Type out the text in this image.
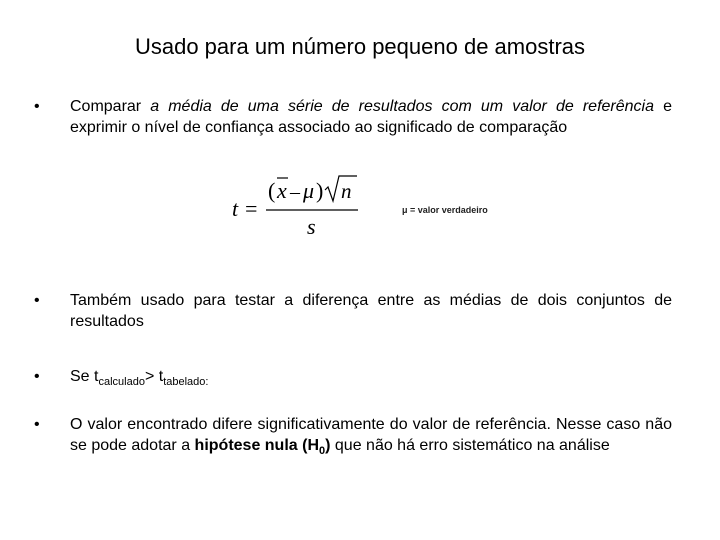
Usado para um número pequeno de amostras
• Comparar a média de uma série de resultados com um valor de referência e exprimir o nível de confiança associado ao significado de comparação
t =
( x – μ ) n
s
μ = valor verdadeiro
• Também usado para testar a diferença entre as médias de dois conjuntos de resultados
• Se $t_{calculado}> t_{tabelado:}$
• O valor encontrado difere significativamente do valor de referência. Nesse caso não se pode adotar a hipótese nula $(H_0)$ que não há erro sistemático na análise
